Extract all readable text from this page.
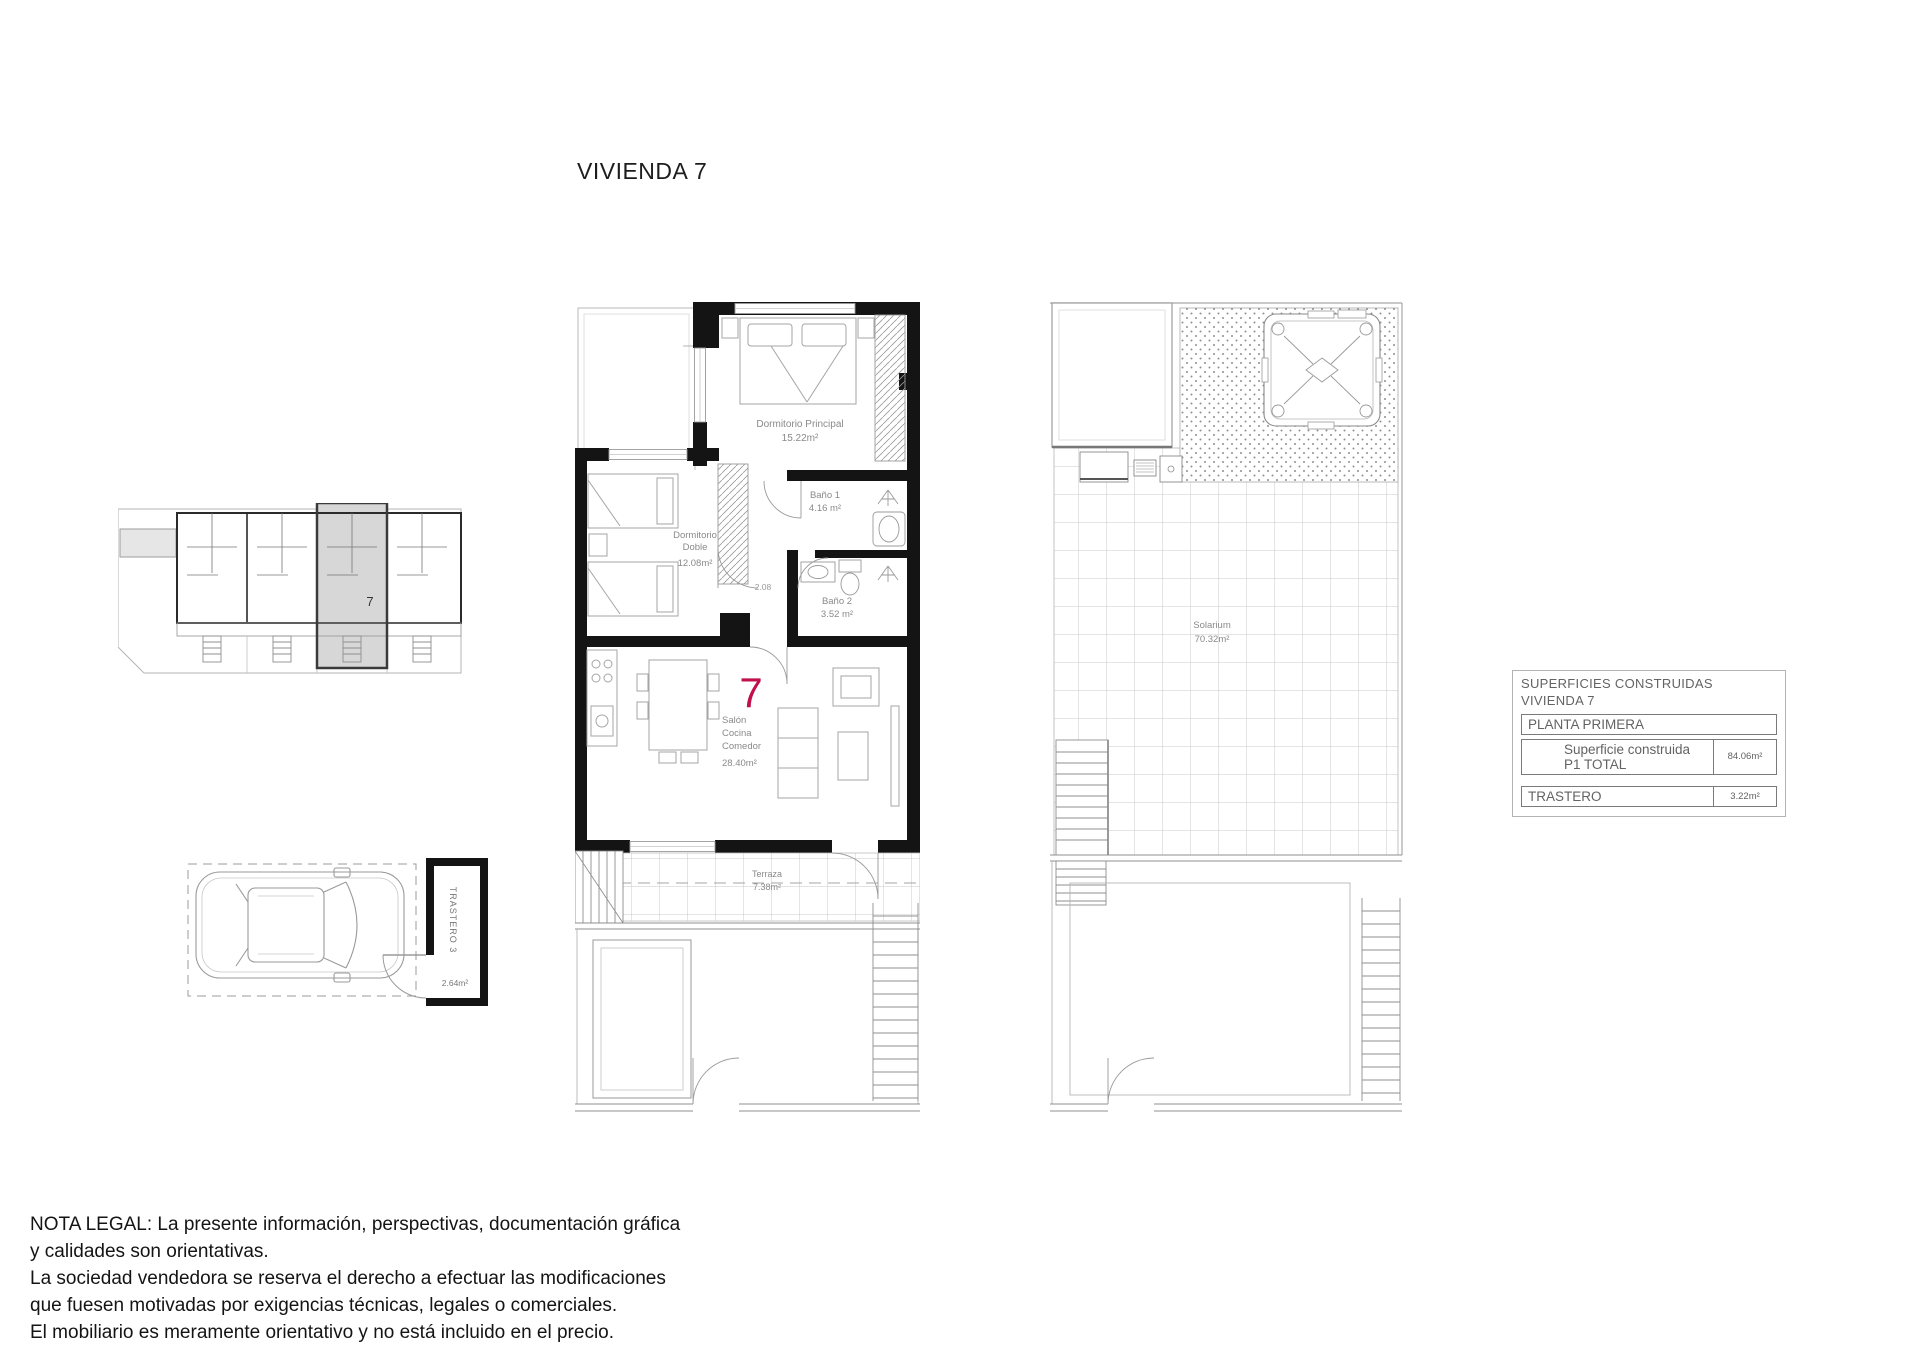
VIVIENDA 7
7
TRASTERO 3
2.64m²
Dormitorio Principal
15.22m²
Baño 1
4.16 m²
Baño 2
3.52 m²
2.08
Dormitorio
Doble
12.08m²
7
Salón
Cocina
Comedor
28.40m²
Terraza
7.38m²
Solarium
70.32m²
SUPERFICIES CONSTRUIDAS
VIVIENDA 7
PLANTA PRIMERA
Superficie construida P1 TOTAL	84.06m²
TRASTERO	3.22m²
NOTA LEGAL: La presente información, perspectivas, documentación gráfica
y calidades son orientativas.
La sociedad vendedora se reserva el derecho a efectuar las modificaciones
que fuesen motivadas por exigencias técnicas, legales o comerciales.
El mobiliario es meramente orientativo y no está incluido en el precio.
